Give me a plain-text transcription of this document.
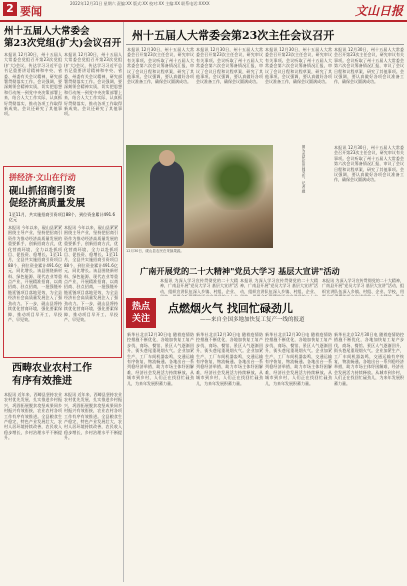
2 要闻
2022年12月31日 星期六 责编:XX 版式:XX 校对:XX 主编:XX 联系电话:XXXX
文山日报
州十五届人大常委会
第23次党组(扩大)会议召开
本报讯 12月30日，州十五届人大常委会党组召开第23次党组(扩大)会议，传达学习习近平总书记重要讲话精神和中央、省委、州委有关会议精神，研究部署贯彻落实工作。会议强调，要深刻领会精神实质，切实把思想和行动统一到党中央决策部署上来，结合人大工作实际，认真抓好贯彻落实，推动各项工作取得新成效。会议还研究了其他事项。
本报讯 12月30日，州十五届人大常委会党组召开第23次党组(扩大)会议，传达学习习近平总书记重要讲话精神和中央、省委、州委有关会议精神，研究部署贯彻落实工作。会议强调，要深刻领会精神实质，切实把思想和行动统一到党中央决策部署上来，结合人大工作实际，认真抓好贯彻落实，推动各项工作取得新成效。会议还研究了其他事项。
拼经济·文山在行动
砚山抓招商引资
促经济高质量发展
1至11月，共实施招商引资项目88个，到位资金累计491.6亿元
本报讯 今年以来，砚山县紧紧围绕主导产业，坚持把招商引资作为推动经济高质量发展的重要抓手，创新招商方式，优化营商环境，全力以赴抓项目、促投资、稳增长。1至11月，全县共实施招商引资项目88个，到位资金累计491.6亿元，同比增长。该县围绕新材料、绿色能源、现代农业等重点产业，开展精准招商、以商招商、驻点招商，一批强链补链延链项目落地见效，为全县经济社会高质量发展注入了强劲动力。下一步，砚山县将持续优化营商环境，强化要素保障，推动项目早开工、早投产、早见效。
本报讯 今年以来，砚山县紧紧围绕主导产业，坚持把招商引资作为推动经济高质量发展的重要抓手，创新招商方式，优化营商环境，全力以赴抓项目、促投资、稳增长。1至11月，全县共实施招商引资项目88个，到位资金累计491.6亿元，同比增长。该县围绕新材料、绿色能源、现代农业等重点产业，开展精准招商、以商招商、驻点招商，一批强链补链延链项目落地见效，为全县经济社会高质量发展注入了强劲动力。下一步，砚山县将持续优化营商环境，强化要素保障，推动项目早开工、早投产、早见效。
西畴农业农村工作
有序有效推进
本报讯 近年来，西畴县坚持农业农村优先发展，扎实推进乡村振兴，巩固拓展脱贫攻坚成果同乡村振兴有效衔接，农业农村各项工作有序有效推进。全县粮食生产稳定，特色产业发展壮大，农村人居环境持续改善，农民收入稳步增长，乡村治理水平不断提升。
本报讯 近年来，西畴县坚持农业农村优先发展，扎实推进乡村振兴，巩固拓展脱贫攻坚成果同乡村振兴有效衔接，农业农村各项工作有序有效推进。全县粮食生产稳定，特色产业发展壮大，农村人居环境持续改善，农民收入稳步增长，乡村治理水平不断提升。
州十五届人大常委会第23次主任会议召开
本报讯 12月30日，州十五届人大常委会召开第23次主任会议，研究审议有关事项。会议听取了州十五届人大常委会第六次会议筹备情况汇报，审议了会议日程和议程草案，研究了其他事项。会议强调，要认真做好各项会议准备工作，确保会议圆满成功。
本报讯 12月30日，州十五届人大常委会召开第23次主任会议，研究审议有关事项。会议听取了州十五届人大常委会第六次会议筹备情况汇报，审议了会议日程和议程草案，研究了其他事项。会议强调，要认真做好各项会议准备工作，确保会议圆满成功。
本报讯 12月30日，州十五届人大常委会召开第23次主任会议，研究审议有关事项。会议听取了州十五届人大常委会第六次会议筹备情况汇报，审议了会议日程和议程草案，研究了其他事项。会议强调，要认真做好各项会议准备工作，确保会议圆满成功。
本报讯 12月30日，州十五届人大常委会召开第23次主任会议，研究审议有关事项。会议听取了州十五届人大常委会第六次会议筹备情况汇报，审议了会议日程和议程草案，研究了其他事项。会议强调，要认真做好各项会议准备工作，确保会议圆满成功。
12月30日，砚山县农民在采摘果蔬。
图为农民在田间劳作。记者 摄	本报讯 12月30日，州十五届人大常委会召开第23次主任会议，研究审议有关事项。会议听取了州十五届人大常委会第六次会议筹备情况汇报，审议了会议日程和议程草案，研究了其他事项。会议强调，要认真做好各项会议准备工作，确保会议圆满成功。
广南开展党的二十大精神"党员大学习 基层大宣讲"活动
本报讯 为深入学习宣传贯彻党的二十大精神，广南县开展"党员大学习 基层大宣讲"活动，组织宣讲队伍深入乡镇、村组、企业、
本报讯 为深入学习宣传贯彻党的二十大精神，广南县开展"党员大学习 基层大宣讲"活动，组织宣讲队伍深入乡镇、村组、企业、
本报讯 为深入学习宣传贯彻党的二十大精神，广南县开展"党员大学习 基层大宣讲"活动，组织宣讲队伍深入乡镇、村组、企业、学校，用
热点
关注
点燃烟火气 找回忙碌劲儿
——来自全国多地加快复工复产一线的报道
新华社北京12月30日电 随着疫情防控措施不断优化，各地加快复工复产步伐，商场、餐馆、景区人气逐渐回升，街头巷尾重现烟火气。企业加紧生产，工厂车间机器轰鸣，交通运输有序恢复，物流畅通。各地出台一系列稳经济举措，助力市场主体纾困解难，经济社会发展活力持续释放。从城市到乡村，人们正在找回忙碌劲儿，为来年发展积蓄力量。
新华社北京12月30日电 随着疫情防控措施不断优化，各地加快复工复产步伐，商场、餐馆、景区人气逐渐回升，街头巷尾重现烟火气。企业加紧生产，工厂车间机器轰鸣，交通运输有序恢复，物流畅通。各地出台一系列稳经济举措，助力市场主体纾困解难，经济社会发展活力持续释放。从城市到乡村，人们正在找回忙碌劲儿，为来年发展积蓄力量。
新华社北京12月30日电 随着疫情防控措施不断优化，各地加快复工复产步伐，商场、餐馆、景区人气逐渐回升，街头巷尾重现烟火气。企业加紧生产，工厂车间机器轰鸣，交通运输有序恢复，物流畅通。各地出台一系列稳经济举措，助力市场主体纾困解难，经济社会发展活力持续释放。从城市到乡村，人们正在找回忙碌劲儿，为来年发展积蓄力量。
新华社北京12月30日电 随着疫情防控措施不断优化，各地加快复工复产步伐，商场、餐馆、景区人气逐渐回升，街头巷尾重现烟火气。企业加紧生产，工厂车间机器轰鸣，交通运输有序恢复，物流畅通。各地出台一系列稳经济举措，助力市场主体纾困解难，经济社会发展活力持续释放。从城市到乡村，人们正在找回忙碌劲儿，为来年发展积蓄力量。
